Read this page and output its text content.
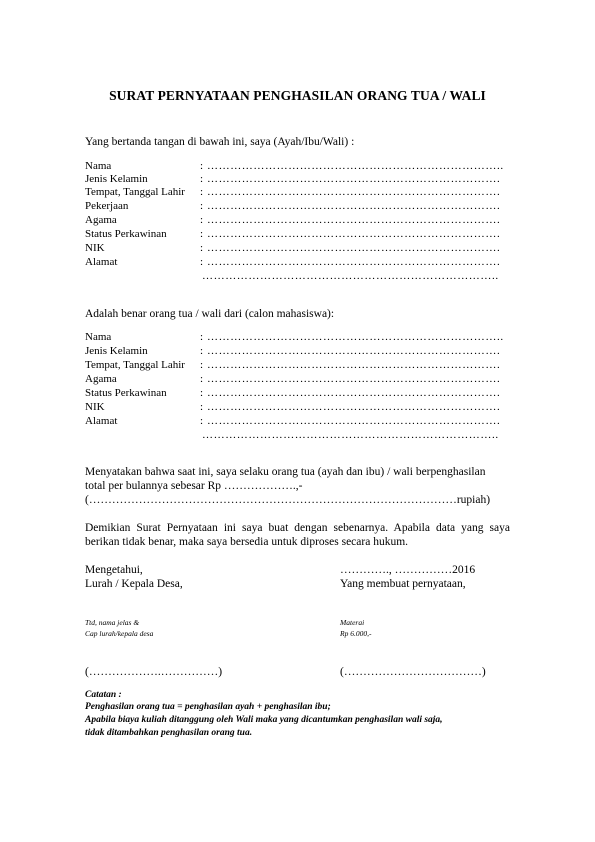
SURAT PERNYATAAN PENGHASILAN ORANG TUA / WALI
Yang bertanda tangan di bawah ini, saya (Ayah/Ibu/Wali) :
Nama	: …………………………………………………………………..
Jenis Kelamin	: ………………………………………………………………….
Tempat, Tanggal Lahir : ………………………………………………………………….
Pekerjaan	: ………………………………………………………………….
Agama	: ………………………………………………………………….
Status Perkawinan	: ………………………………………………………………….
NIK	: ………………………………………………………………….
Alamat	: ………………………………………………………………….
…………………………………………………………………..
Adalah benar orang tua / wali dari (calon mahasiswa):
Nama	: …………………………………………………………………..
Jenis Kelamin	: ………………………………………………………………….
Tempat, Tanggal Lahir : ………………………………………………………………….
Agama	: ………………………………………………………………….
Status Perkawinan	: ………………………………………………………………….
NIK	: ………………………………………………………………….
Alamat	: ………………………………………………………………….
…………………………………………………………………..
Menyatakan bahwa saat ini, saya selaku orang tua (ayah dan ibu) / wali berpenghasilan
total per bulannya sebesar Rp ……………….,-
(……………………………………………………………………………………rupiah)
Demikian Surat Pernyataan ini saya buat dengan sebenarnya. Apabila data yang saya berikan tidak benar, maka saya bersedia untuk diproses secara hukum.
Mengetahui,
Lurah / Kepala Desa,
…………., ……………2016
Yang membuat pernyataan,
Ttd, nama jelas &
Cap lurah/kepala desa
Materai
Rp 6.000,-
(……………….……………)	(………………………………)
Catatan :
Penghasilan orang tua = penghasilan ayah + penghasilan ibu;
Apabila biaya kuliah ditanggung oleh Wali maka yang dicantumkan penghasilan wali saja,
tidak ditambahkan penghasilan orang tua.
